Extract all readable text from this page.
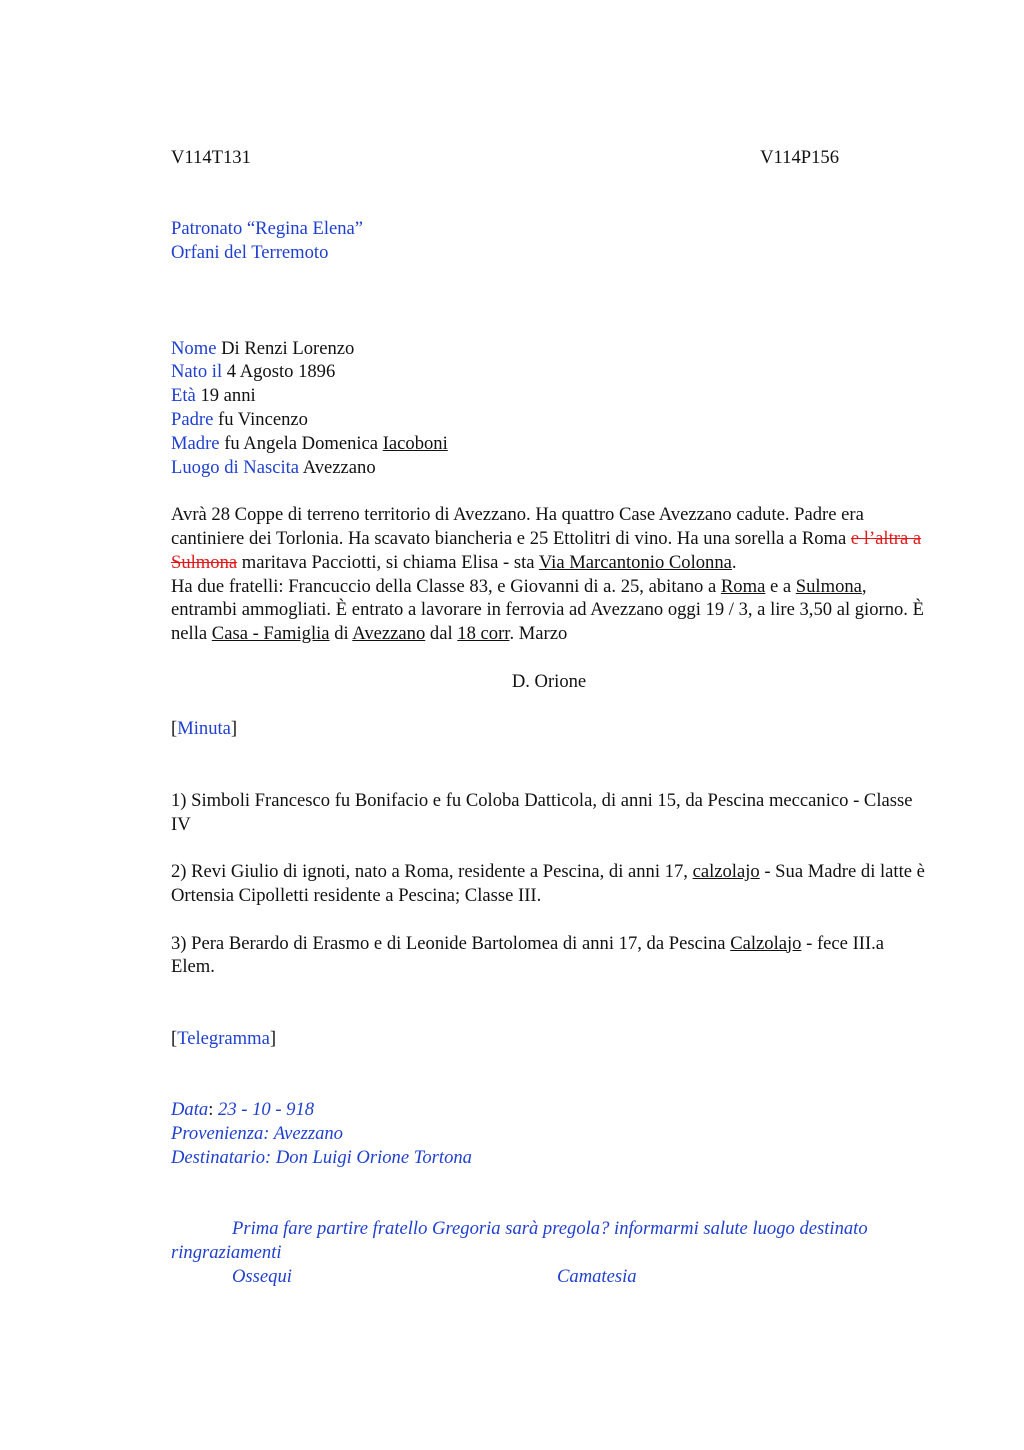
V114T131	V114P156

Patronato “Regina Elena”

Orfani del Terremoto

Nome Di Renzi Lorenzo

Nato il 4 Agosto 1896

Età 19 anni

Padre fu Vincenzo

Madre fu Angela Domenica Iacoboni

Luogo di Nascita Avezzano

Avrà 28 Coppe di terreno territorio di Avezzano. Ha quattro Case Avezzano cadute. Padre era cantiniere dei Torlonia. Ha scavato biancheria e 25 Ettolitri di vino. Ha una sorella a Roma e l’altra a Sulmona maritava Pacciotti, si chiama Elisa - sta Via Marcantonio Colonna.

Ha due fratelli: Francuccio della Classe 83, e Giovanni di a. 25, abitano a Roma e a Sulmona, entrambi ammogliati. È entrato a lavorare in ferrovia ad Avezzano oggi 19 / 3, a lire 3,50 al giorno. È nella Casa - Famiglia di Avezzano dal 18 corr. Marzo

D. Orione

[Minuta]

1) Simboli Francesco fu Bonifacio e fu Coloba Datticola, di anni 15, da Pescina meccanico - Classe IV

2) Revi Giulio di ignoti, nato a Roma, residente a Pescina, di anni 17, calzolajo - Sua Madre di latte è Ortensia Cipolletti residente a Pescina; Classe III.

3) Pera Berardo di Erasmo e di Leonide Bartolomea di anni 17, da Pescina Calzolajo - fece III.a Elem.

[Telegramma]

Data: 23 - 10 - 918

Provenienza: Avezzano

Destinatario: Don Luigi Orione Tortona

Prima fare partire fratello Gregoria sarà pregola? informarmi salute luogo destinato ringraziamenti

Ossequi	Camatesia
